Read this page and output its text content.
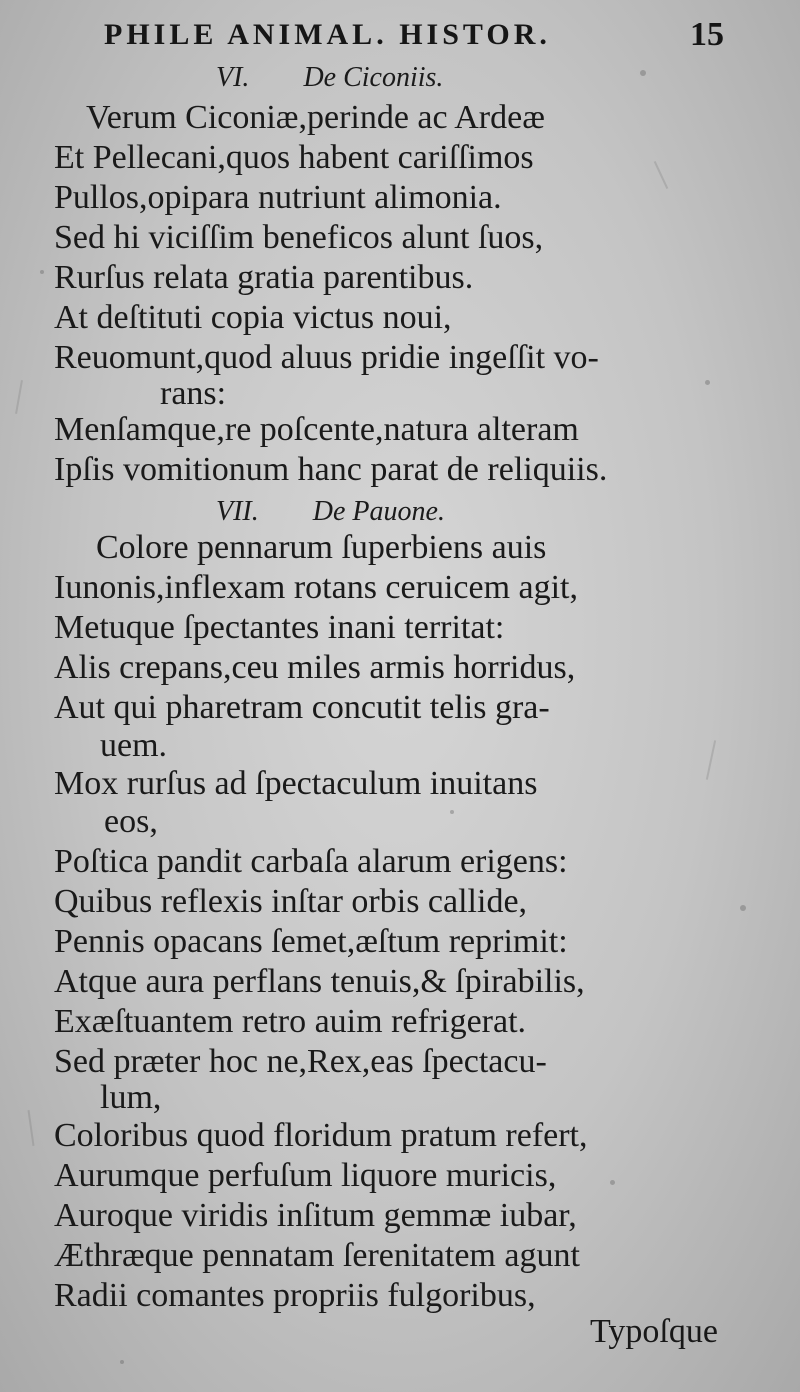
PHILE ANIMAL. HISTOR.	15
VI. De Ciconiis.
Verum Ciconiæ,perinde ac Ardeæ
Et Pellecani,quos habent cariſſimos
Pullos,opipara nutriunt alimonia.
Sed hi viciſſim beneficos alunt ſuos,
Rurſus relata gratia parentibus.
At deſtituti copia victus noui,
Reuomunt,quod aluus pridie ingeſſit vo-
rans:
Menſamque,re poſcente,natura alteram
Ipſis vomitionum hanc parat de reliquiis.
VII. De Pauone.
Colore pennarum ſuperbiens auis
Iunonis,inflexam rotans ceruicem agit,
Metuque ſpectantes inani territat:
Alis crepans,ceu miles armis horridus,
Aut qui pharetram concutit telis gra-
uem.
Mox rurſus ad ſpectaculum inuitans
eos,
Poſtica pandit carbaſa alarum erigens:
Quibus reflexis inſtar orbis callide,
Pennis opacans ſemet,æſtum reprimit:
Atque aura perflans tenuis,& ſpirabilis,
Exæſtuantem retro auim refrigerat.
Sed præter hoc ne,Rex,eas ſpectacu-
lum,
Coloribus quod floridum pratum refert,
Aurumque perfuſum liquore muricis,
Auroque viridis inſitum gemmæ iubar,
Æthræque pennatam ſerenitatem agunt
Radii comantes propriis fulgoribus,
Typoſque
